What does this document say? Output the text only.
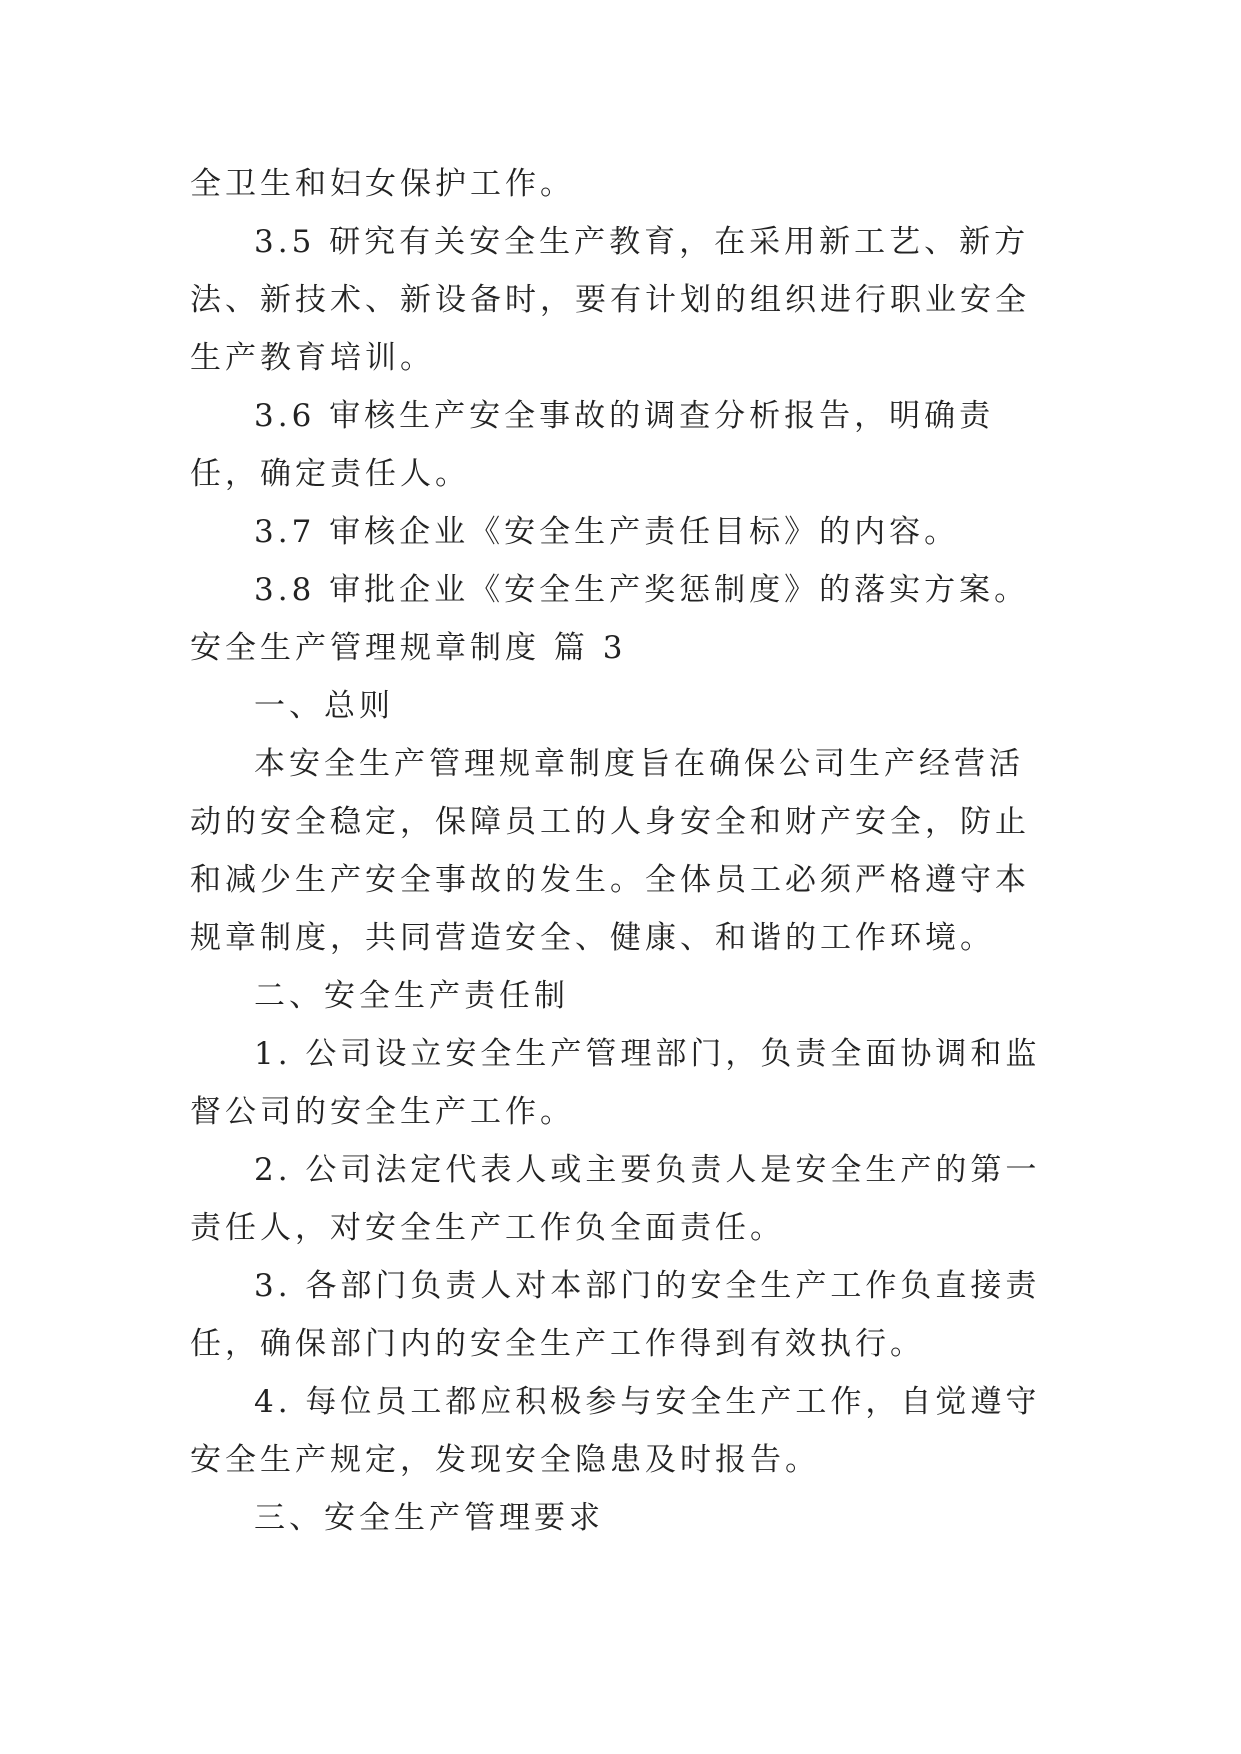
全卫生和妇女保护工作。

3.5 研究有关安全生产教育，在采用新工艺、新方法、新技术、新设备时，要有计划的组织进行职业安全生产教育培训。

3.6 审核生产安全事故的调查分析报告，明确责任，确定责任人。

3.7 审核企业《安全生产责任目标》的内容。

3.8 审批企业《安全生产奖惩制度》的落实方案。

安全生产管理规章制度 篇 3

一、总则

本安全生产管理规章制度旨在确保公司生产经营活动的安全稳定，保障员工的人身安全和财产安全，防止和减少生产安全事故的发生。全体员工必须严格遵守本规章制度，共同营造安全、健康、和谐的工作环境。

二、安全生产责任制

1. 公司设立安全生产管理部门，负责全面协调和监督公司的安全生产工作。

2. 公司法定代表人或主要负责人是安全生产的第一责任人，对安全生产工作负全面责任。

3. 各部门负责人对本部门的安全生产工作负直接责任，确保部门内的安全生产工作得到有效执行。

4. 每位员工都应积极参与安全生产工作，自觉遵守安全生产规定，发现安全隐患及时报告。

三、安全生产管理要求
